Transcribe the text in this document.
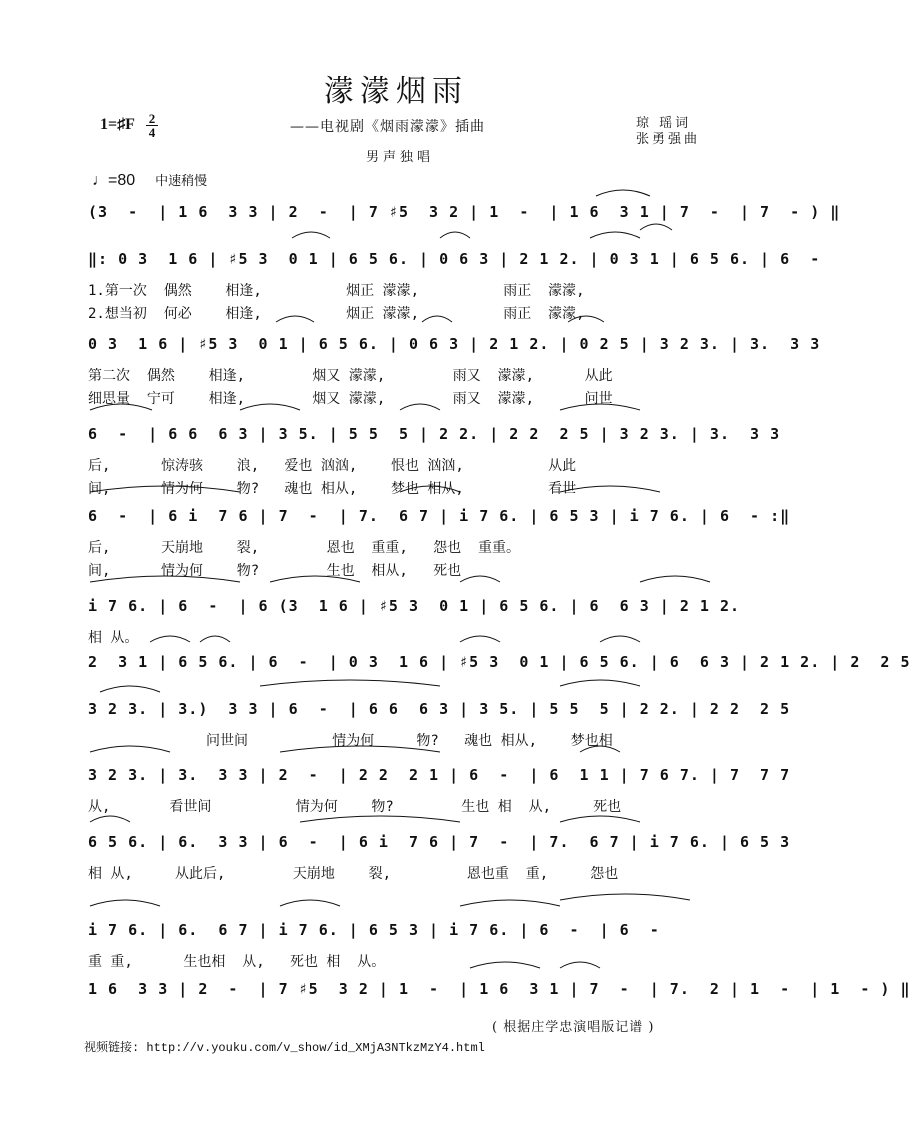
濛濛烟雨
1=♯F 2
4	——电视剧《烟雨濛濛》插曲	琼 瑶词
张勇强曲
男声独唱
♩=80 中速稍慢
(3  -  | 1 6  3 3 | 2  -  | 7 ♯5  3 2 | 1  -  | 1 6  3 1 | 7  -  | 7  - ) ‖
‖: 0 3  1 6 | ♯5 3  0 1 | 6 5 6. | 0 6 3 | 2 1 2. | 0 3 1 | 6 5 6. | 6  -
1.第一次  偶然    相逢,          烟正 濛濛,          雨正  濛濛,
2.想当初  何必    相逢,          烟正 濛濛,          雨正  濛濛,
0 3  1 6 | ♯5 3  0 1 | 6 5 6. | 0 6 3 | 2 1 2. | 0 2 5 | 3 2 3. | 3.  3 3
第二次  偶然    相逢,        烟又 濛濛,        雨又  濛濛,      从此
细思量  宁可    相逢,        烟又 濛濛,        雨又  濛濛,      问世
6  -  | 6 6  6 3 | 3 5. | 5 5  5 | 2 2. | 2 2  2 5 | 3 2 3. | 3.  3 3
后,      惊涛骇    浪,   爱也 汹汹,    恨也 汹汹,          从此
间,      情为何    物?   魂也 相从,    梦也 相从,          看世
6  -  | 6 i  7 6 | 7  -  | 7.  6 7 | i 7 6. | 6 5 3 | i 7 6. | 6  - :‖
后,      天崩地    裂,        恩也  重重,   怨也  重重。
间,      情为何    物?        生也  相从,   死也
i 7 6. | 6  -  | 6 (3  1 6 | ♯5 3  0 1 | 6 5 6. | 6  6 3 | 2 1 2.
相 从。
2  3 1 | 6 5 6. | 6  -  | 0 3  1 6 | ♯5 3  0 1 | 6 5 6. | 6  6 3 | 2 1 2. | 2  2 5
3 2 3. | 3.)  3 3 | 6  -  | 6 6  6 3 | 3 5. | 5 5  5 | 2 2. | 2 2  2 5
问世间          情为何     物?   魂也 相从,    梦也相
3 2 3. | 3.  3 3 | 2  -  | 2 2  2 1 | 6  -  | 6  1 1 | 7 6 7. | 7  7 7
从,       看世间          情为何    物?        生也 相  从,     死也
6 5 6. | 6.  3 3 | 6  -  | 6 i  7 6 | 7  -  | 7.  6 7 | i 7 6. | 6 5 3
相 从,     从此后,        天崩地    裂,         恩也重  重,     怨也
i 7 6. | 6.  6 7 | i 7 6. | 6 5 3 | i 7 6. | 6  -  | 6  -
重 重,      生也相  从,   死也 相  从。
1 6  3 3 | 2  -  | 7 ♯5  3 2 | 1  -  | 1 6  3 1 | 7  -  | 7.  2 | 1  -  | 1  - ) ‖
( 根据庄学忠演唱版记谱 )
视频链接: http://v.youku.com/v_show/id_XMjA3NTkzMzY4.html
